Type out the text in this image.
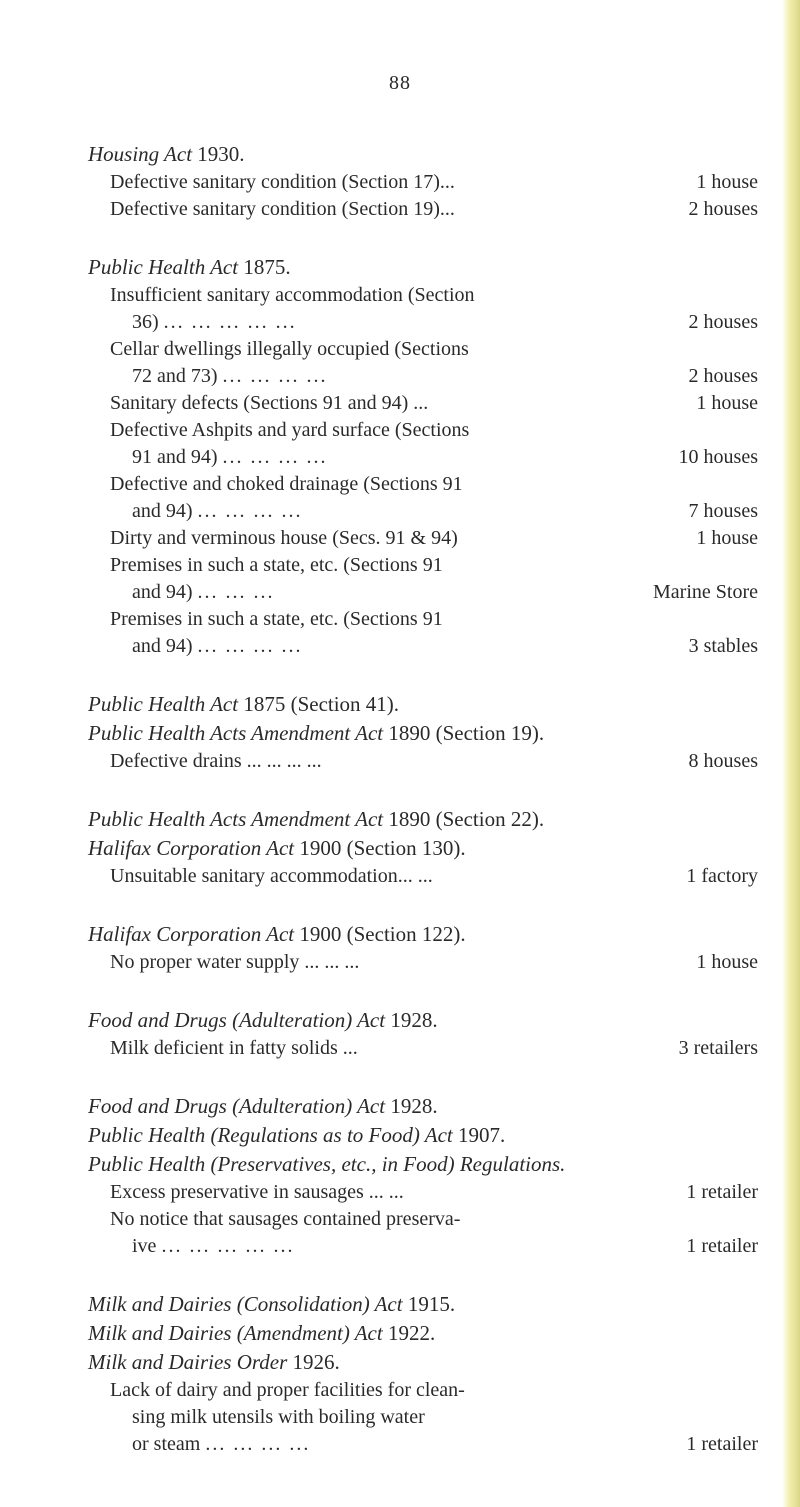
88
Housing Act 1930.
Defective sanitary condition (Section 17)...	1 house
Defective sanitary condition (Section 19)...	2 houses
Public Health Act 1875.
Insufficient sanitary accommodation (Section
36) ... ... ... ... ...	2 houses
Cellar dwellings illegally occupied (Sections
72 and 73) ... ... ... ...	2 houses
Sanitary defects (Sections 91 and 94) ...	1 house
Defective Ashpits and yard surface (Sections
91 and 94) ... ... ... ...	10 houses
Defective and choked drainage (Sections 91
and 94) ... ... ... ...	7 houses
Dirty and verminous house (Secs. 91 & 94)	1 house
Premises in such a state, etc. (Sections 91
and 94) ... ... ...	Marine Store
Premises in such a state, etc. (Sections 91
and 94) ... ... ... ...	3 stables
Public Health Act 1875 (Section 41).
Public Health Acts Amendment Act 1890 (Section 19).
Defective drains ... ... ... ...	8 houses
Public Health Acts Amendment Act 1890 (Section 22).
Halifax Corporation Act 1900 (Section 130).
Unsuitable sanitary accommodation... ...	1 factory
Halifax Corporation Act 1900 (Section 122).
No proper water supply ... ... ...	1 house
Food and Drugs (Adulteration) Act 1928.
Milk deficient in fatty solids ...	3 retailers
Food and Drugs (Adulteration) Act 1928.
Public Health (Regulations as to Food) Act 1907.
Public Health (Preservatives, etc., in Food) Regulations.
Excess preservative in sausages ... ...	1 retailer
No notice that sausages contained preserva-
ive ... ... ... ... ...	1 retailer
Milk and Dairies (Consolidation) Act 1915.
Milk and Dairies (Amendment) Act 1922.
Milk and Dairies Order 1926.
Lack of dairy and proper facilities for clean-
sing milk utensils with boiling water
or steam ... ... ... ...	1 retailer
